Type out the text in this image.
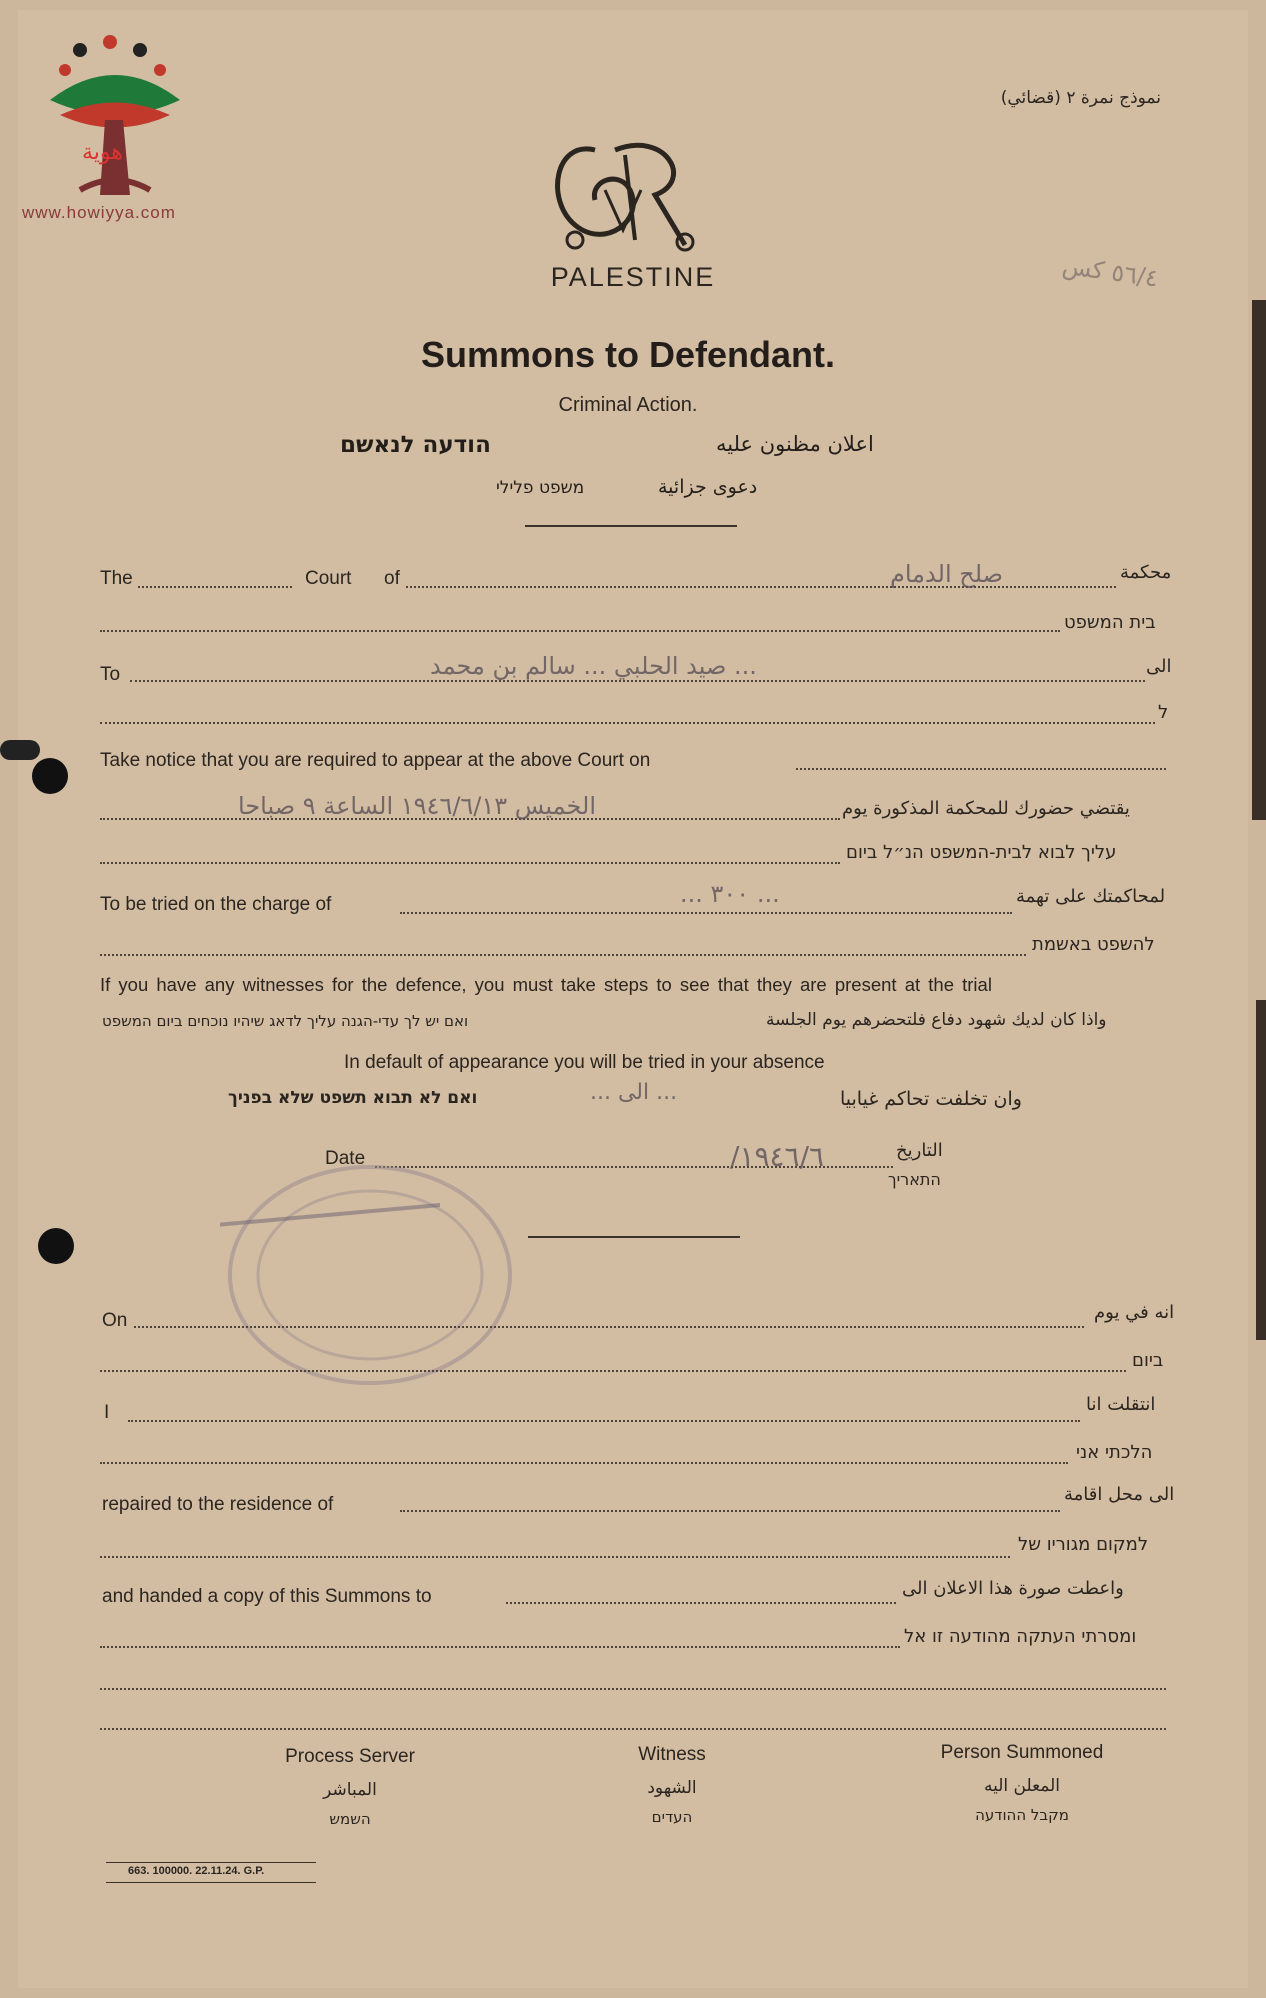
www.howiyya.com
هوية
نموذج نمرة ٢ (قضائي)
٥٦/٤ كس
PALESTINE
Summons to Defendant.
Criminal Action.
הודעה לנאשם	اعلان مظنون عليه
משפט פלילי	دعوى جزائية
The	Court of	صلح الدمام	محكمة
בית המשפט
To	... صيد الحلبي ... سالم بن محمد	الى
ל
Take notice that you are required to appear at the above Court on
الخميس ١٩٤٦/٦/١٣ الساعة ٩ صباحا	يقتضي حضورك للمحكمة المذكورة يوم
עליך לבוא לבית-המשפט הנ״ל ביום
To be tried on the charge of	... ٣٠٠ ...	لمحاكمتك على تهمة
להשפט באשמת
If you have any witnesses for the defence, you must take steps to see that they are present at the trial
ואם יש לך עדי-הגנה עליך לדאג שיהיו נוכחים ביום המשפט	واذا كان لديك شهود دفاع فلتحضرهم يوم الجلسة
In default of appearance you will be tried in your absence
ואם לא תבוא תשפט שלא בפניך	... الى ...	وان تخلفت تحاكم غيابيا
Date	١٩٤٦/٦/	التاريخ
התאריך
On	انه في يوم
ביום
I	انتقلت انا
הלכתי אני
repaired to the residence of	الى محل اقامة
למקום מגוריו של
and handed a copy of this Summons to	واعطت صورة هذا الاعلان الى
ומסרתי העתקה מהודעה זו אל
Process Server
المباشر
השמש
Witness
الشهود
העדים
Person Summoned
المعلن اليه
מקבל ההודעה
663. 100000. 22.11.24. G.P.
